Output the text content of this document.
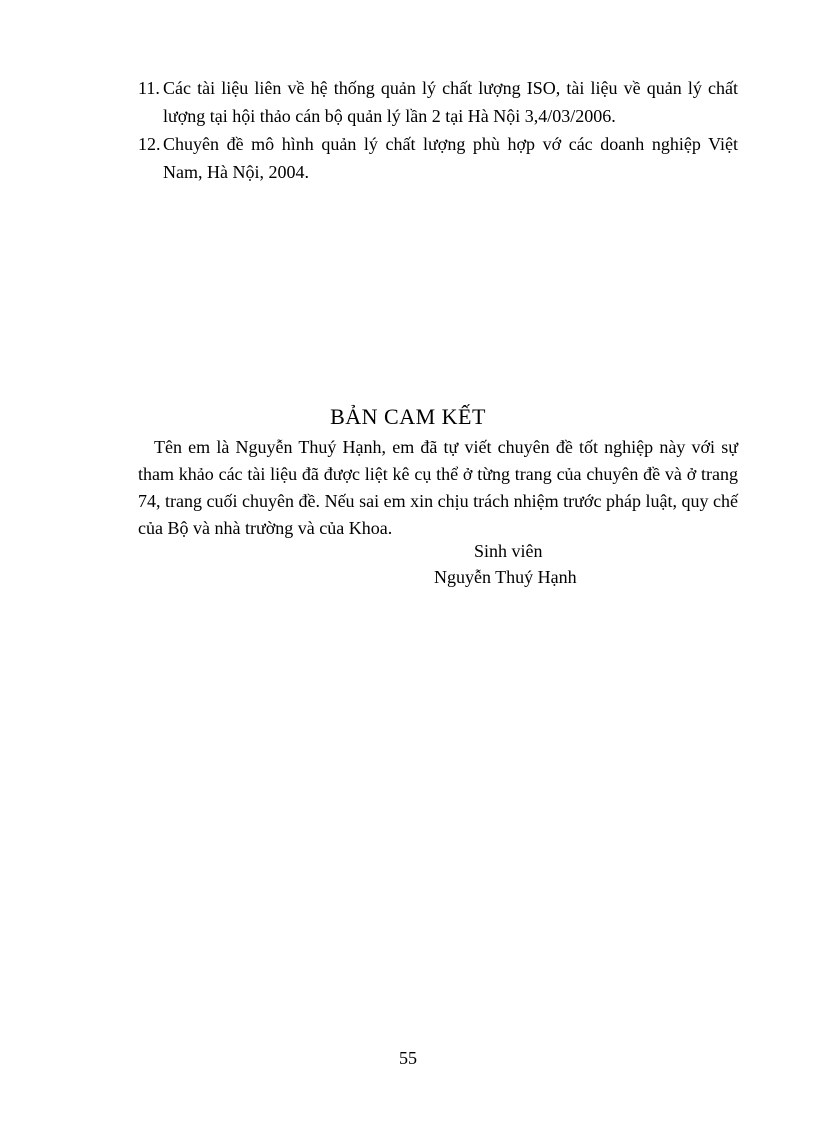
11. Các tài liệu liên về hệ thống quản lý chất lượng ISO, tài liệu về quản lý chất lượng tại hội thảo cán bộ quản lý lần 2 tại Hà Nội 3,4/03/2006.
12. Chuyên đề mô hình quản lý chất lượng phù hợp vớ các doanh nghiệp Việt Nam, Hà Nội, 2004.
BẢN CAM KẾT
Tên em là Nguyễn Thuý Hạnh, em đã tự viết chuyên đề tốt nghiệp này với sự tham khảo các tài liệu đã được liệt kê cụ thể ở từng trang của chuyên đề và ở trang 74, trang cuối chuyên đề. Nếu sai em xin chịu trách nhiệm trước pháp luật, quy chế của Bộ và nhà trường và của Khoa.
Sinh viên
Nguyễn Thuý Hạnh
55
